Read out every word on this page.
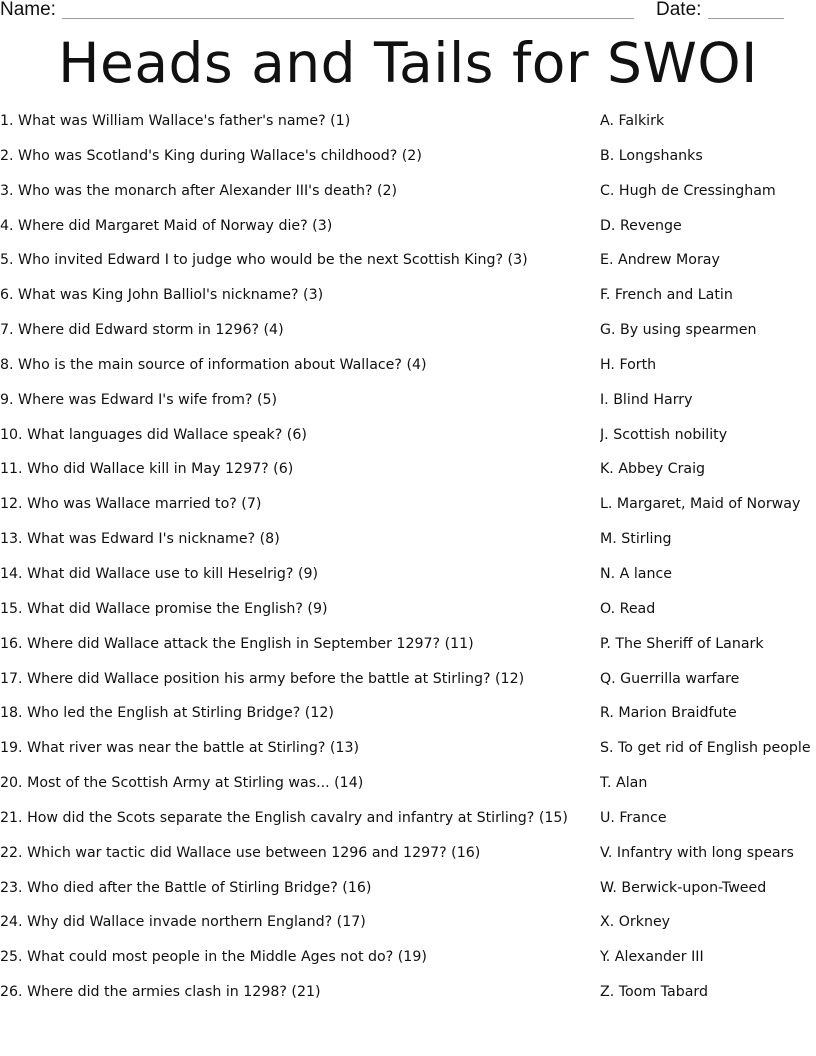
Name:	Date:
Heads and Tails for SWOI
1. What was William Wallace's father's name? (1)
2. Who was Scotland's King during Wallace's childhood? (2)
3. Who was the monarch after Alexander III's death? (2)
4. Where did Margaret Maid of Norway die? (3)
5. Who invited Edward I to judge who would be the next Scottish King? (3)
6. What was King John Balliol's nickname? (3)
7. Where did Edward storm in 1296? (4)
8. Who is the main source of information about Wallace? (4)
9. Where was Edward I's wife from? (5)
10. What languages did Wallace speak? (6)
11. Who did Wallace kill in May 1297? (6)
12. Who was Wallace married to? (7)
13. What was Edward I's nickname? (8)
14. What did Wallace use to kill Heselrig? (9)
15. What did Wallace promise the English? (9)
16. Where did Wallace attack the English in September 1297? (11)
17. Where did Wallace position his army before the battle at Stirling? (12)
18. Who led the English at Stirling Bridge? (12)
19. What river was near the battle at Stirling? (13)
20. Most of the Scottish Army at Stirling was... (14)
21. How did the Scots separate the English cavalry and infantry at Stirling? (15)
22. Which war tactic did Wallace use between 1296 and 1297? (16)
23. Who died after the Battle of Stirling Bridge? (16)
24. Why did Wallace invade northern England? (17)
25. What could most people in the Middle Ages not do? (19)
26. Where did the armies clash in 1298? (21)
A. Falkirk
B. Longshanks
C. Hugh de Cressingham
D. Revenge
E. Andrew Moray
F. French and Latin
G. By using spearmen
H. Forth
I. Blind Harry
J. Scottish nobility
K. Abbey Craig
L. Margaret, Maid of Norway
M. Stirling
N. A lance
O. Read
P. The Sheriff of Lanark
Q. Guerrilla warfare
R. Marion Braidfute
S. To get rid of English people
T. Alan
U. France
V. Infantry with long spears
W. Berwick-upon-Tweed
X. Orkney
Y. Alexander III
Z. Toom Tabard
